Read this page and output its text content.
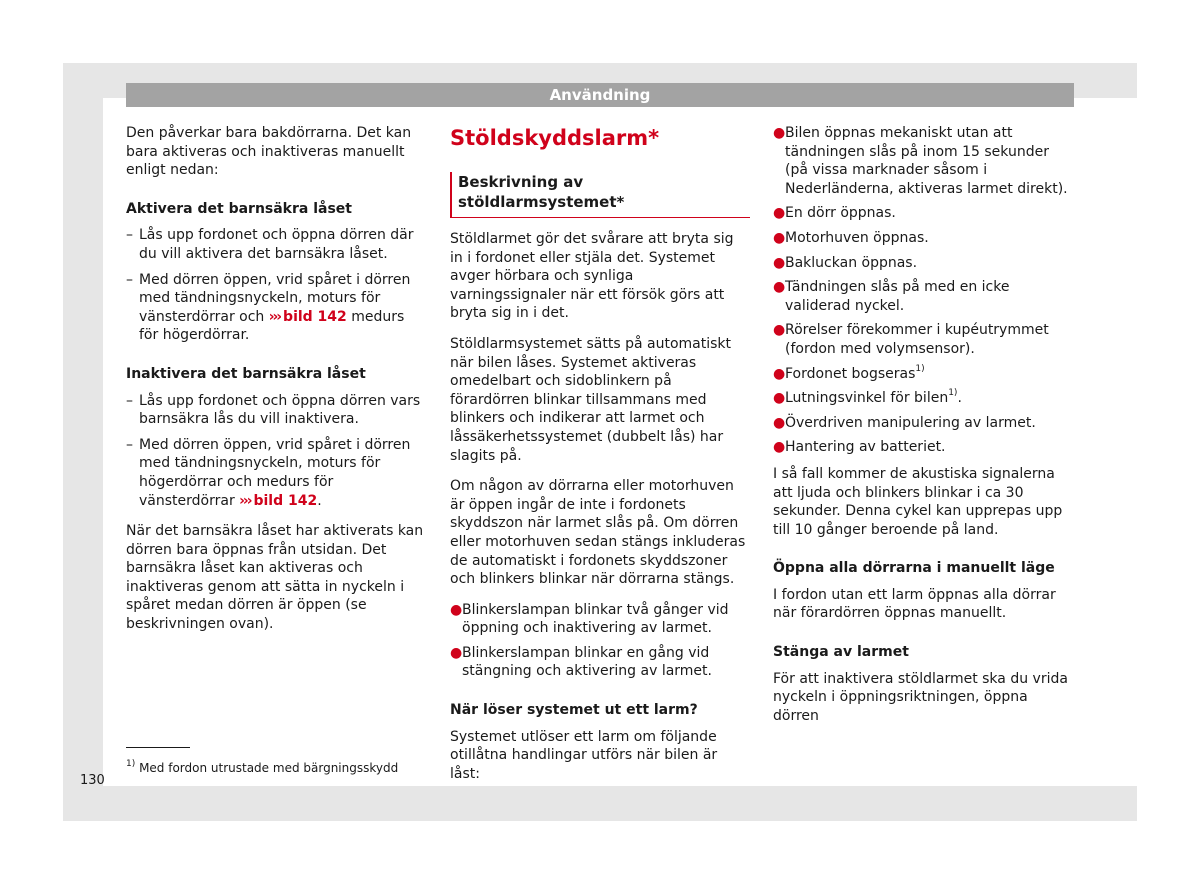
Användning

Den påverkar bara bakdörrarna. Det kan bara aktiveras och inaktiveras manuellt enligt nedan:

Aktivera det barnsäkra låset
– Lås upp fordonet och öppna dörren där du vill aktivera det barnsäkra låset.
– Med dörren öppen, vrid spåret i dörren med tändningsnyckeln, moturs för vänsterdörrar och ››› bild 142 medurs för högerdörrar.
Inaktivera det barnsäkra låset
– Lås upp fordonet och öppna dörren vars barnsäkra lås du vill inaktivera.
– Med dörren öppen, vrid spåret i dörren med tändningsnyckeln, moturs för högerdörrar och medurs för vänsterdörrar ››› bild 142.

När det barnsäkra låset har aktiverats kan dörren bara öppnas från utsidan. Det barnsäkra låset kan aktiveras och inaktiveras genom att sätta in nyckeln i spåret medan dörren är öppen (se beskrivningen ovan).

Stöldskyddslarm*
Beskrivning av stöldlarmsystemet*

Stöldlarmet gör det svårare att bryta sig in i fordonet eller stjäla det. Systemet avger hörbara och synliga varningssignaler när ett försök görs att bryta sig in i det.

Stöldlarmsystemet sätts på automatiskt när bilen låses. Systemet aktiveras omedelbart och sidoblinkern på förardörren blinkar tillsammans med blinkers och indikerar att larmet och låssäkerhetssystemet (dubbelt lås) har slagits på.

Om någon av dörrarna eller motorhuven är öppen ingår de inte i fordonets skyddszon när larmet slås på. Om dörren eller motorhuven sedan stängs inkluderas de automatiskt i fordonets skyddszoner och blinkers blinkar när dörrarna stängs.

● Blinkerslampan blinkar två gånger vid öppning och inaktivering av larmet.
● Blinkerslampan blinkar en gång vid stängning och aktivering av larmet.
När löser systemet ut ett larm?

Systemet utlöser ett larm om följande otillåtna handlingar utförs när bilen är låst:

● Bilen öppnas mekaniskt utan att tändningen slås på inom 15 sekunder (på vissa marknader såsom i Nederländerna, aktiveras larmet direkt).
● En dörr öppnas.
● Motorhuven öppnas.
● Bakluckan öppnas.
● Tändningen slås på med en icke validerad nyckel.
● Rörelser förekommer i kupéutrymmet (fordon med volymsensor).
● Fordonet bogseras$^{1)}$
● Lutningsvinkel för bilen$^{1)}$.
● Överdriven manipulering av larmet.
● Hantering av batteriet.

I så fall kommer de akustiska signalerna att ljuda och blinkers blinkar i ca 30 sekunder. Denna cykel kan upprepas upp till 10 gånger beroende på land.

Öppna alla dörrarna i manuellt läge

I fordon utan ett larm öppnas alla dörrar när förardörren öppnas manuellt.

Stänga av larmet

För att inaktivera stöldlarmet ska du vrida nyckeln i öppningsriktningen, öppna dörren

$^{1)}$ Med fordon utrustade med bärgningsskydd
130
